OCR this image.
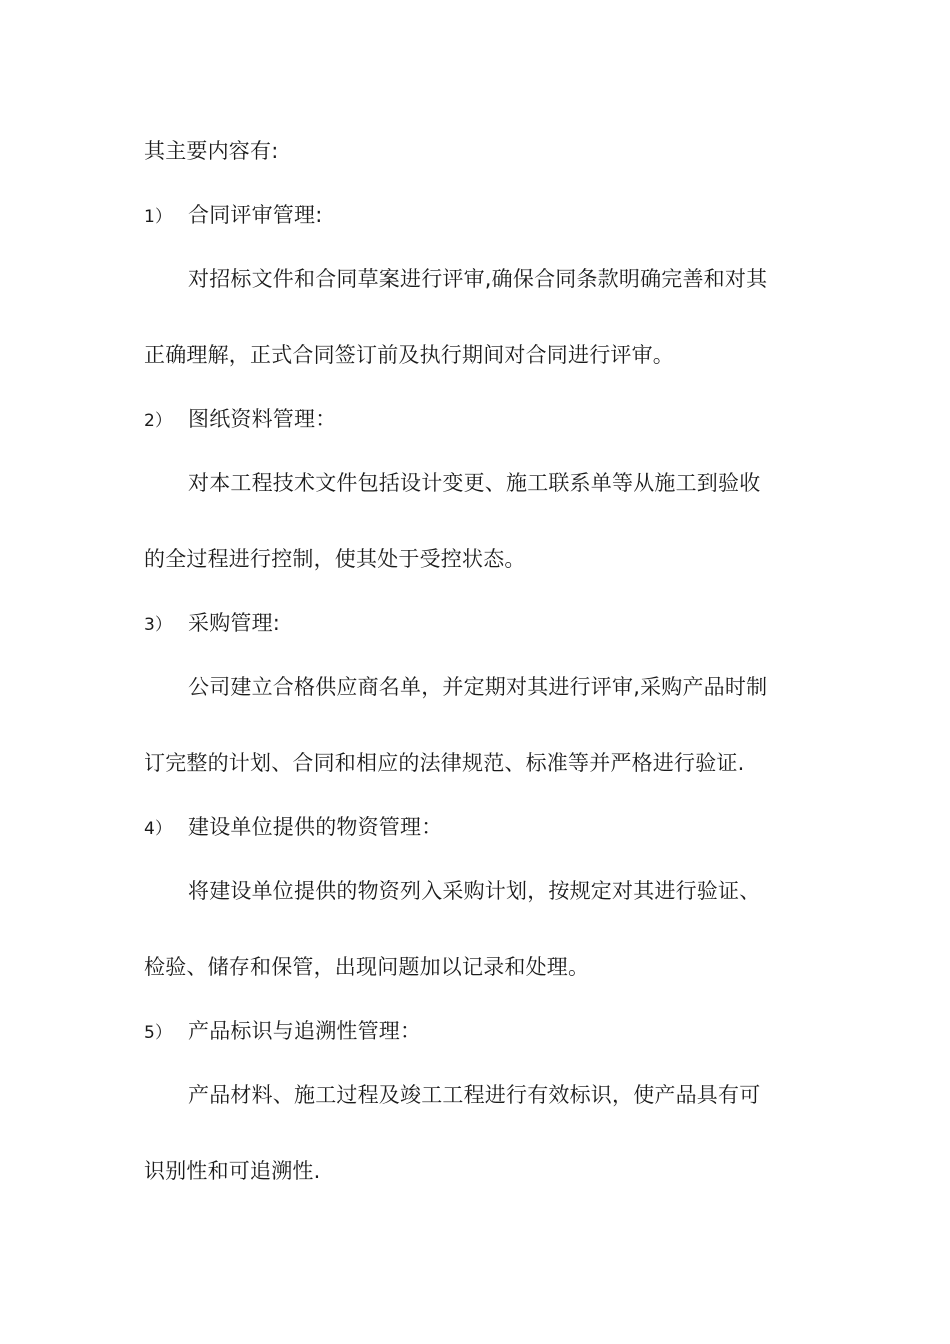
其主要内容有:
1） 合同评审管理:
对招标文件和合同草案进行评审,确保合同条款明确完善和对其
正确理解，正式合同签订前及执行期间对合同进行评审。
2） 图纸资料管理：
对本工程技术文件包括设计变更、施工联系单等从施工到验收
的全过程进行控制，使其处于受控状态。
3） 采购管理:
公司建立合格供应商名单，并定期对其进行评审,采购产品时制
订完整的计划、合同和相应的法律规范、标准等并严格进行验证.
4） 建设单位提供的物资管理：
将建设单位提供的物资列入采购计划，按规定对其进行验证、
检验、储存和保管，出现问题加以记录和处理。
5） 产品标识与追溯性管理：
产品材料、施工过程及竣工工程进行有效标识，使产品具有可
识别性和可追溯性.
